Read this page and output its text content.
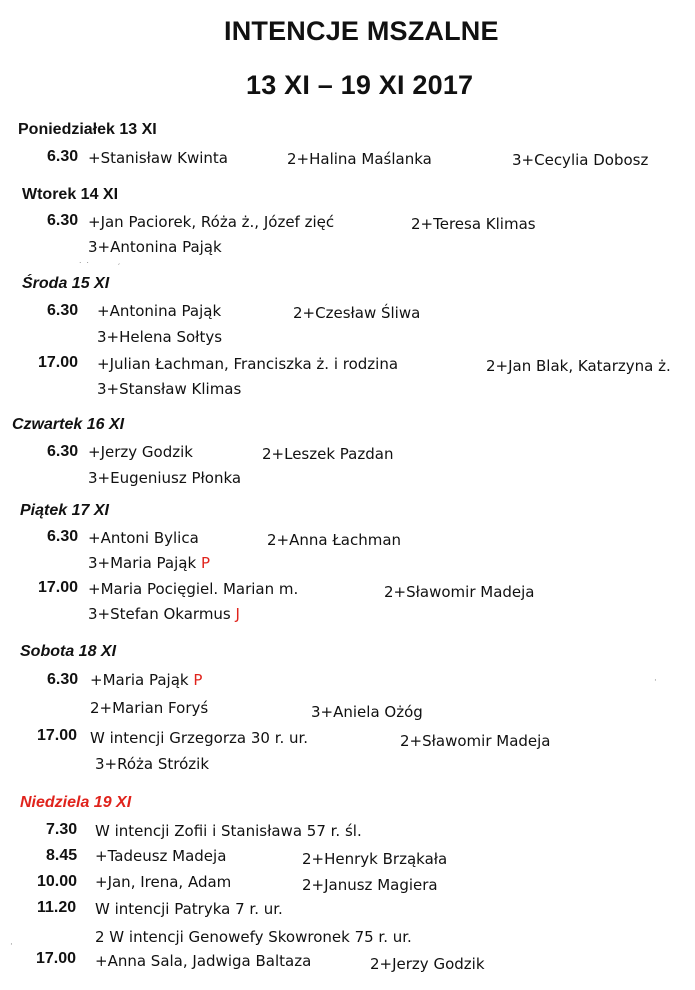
INTENCJE MSZALNE
13 XI – 19 XI 2017
Poniedziałek 13 XI
6.30 +Stanisław Kwinta	2+Halina Maślanka	3+Cecylia Dobosz
Wtorek 14 XI
6.30 +Jan Paciorek, Róża ż., Józef zięć	2+Teresa Klimas
3+Antonina Pająk
˙ ˙	′
Środa 15 XI
6.30 +Antonina Pająk	2+Czesław Śliwa
3+Helena Sołtys
17.00 +Julian Łachman, Franciszka ż. i rodzina	2+Jan Blak, Katarzyna ż.
3+Stansław Klimas
Czwartek 16 XI
6.30 +Jerzy Godzik	2+Leszek Pazdan
3+Eugeniusz Płonka
Piątek 17 XI
6.30 +Antoni Bylica	2+Anna Łachman
3+Maria Pająk P
17.00 +Maria Pocięgiel. Marian m.	2+Sławomir Madeja
3+Stefan Okarmus J
Sobota 18 XI
6.30 +Maria Pająk P
2+Marian Foryś	3+Aniela Ożóg
17.00 W intencji Grzegorza 30 r. ur.	2+Sławomir Madeja
3+Róża Strózik
·
Niedziela 19 XI
7.30 W intencji Zofii i Stanisława 57 r. śl.
8.45 +Tadeusz Madeja	2+Henryk Brząkała
10.00 +Jan, Irena, Adam	2+Janusz Magiera
11.20 W intencji Patryka 7 r. ur.
2 W intencji Genowefy Skowronek 75 r. ur.
17.00 +Anna Sala, Jadwiga Baltaza	2+Jerzy Godzik
·
